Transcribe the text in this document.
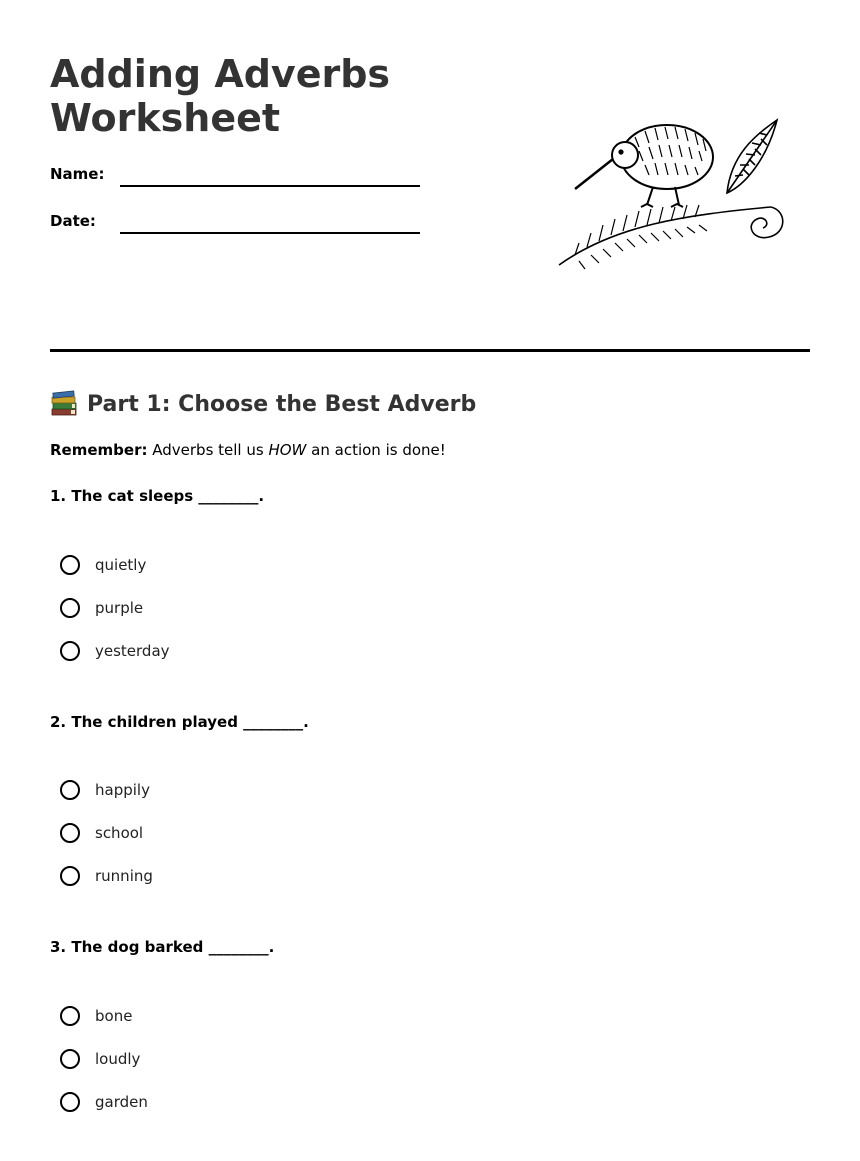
Adding Adverbs Worksheet
Name:
Date:
Part 1: Choose the Best Adverb
Remember: Adverbs tell us HOW an action is done!
1. The cat sleeps ________.
quietly
purple
yesterday
2. The children played ________.
happily
school
running
3. The dog barked ________.
bone
loudly
garden
